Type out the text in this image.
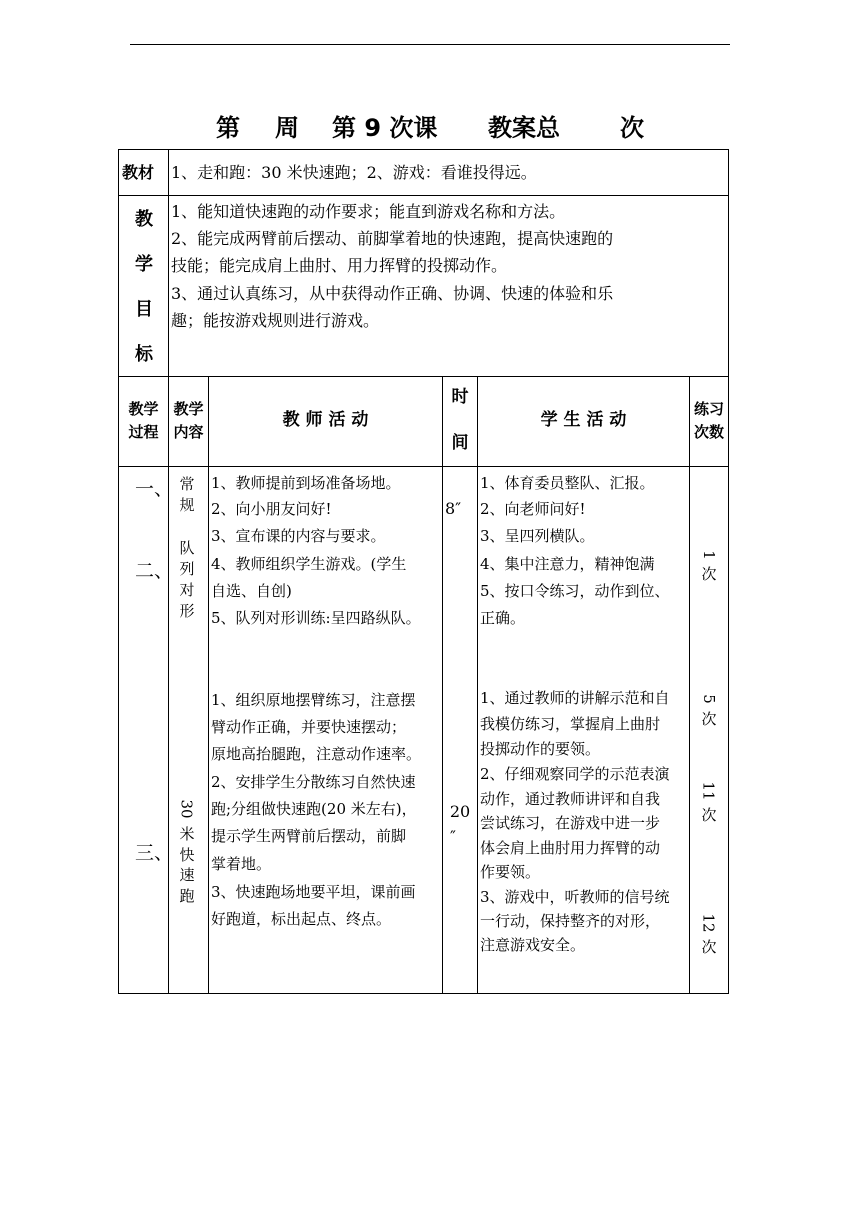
第 周 第 9 次课 教案总	次
教材 1、走和跑：30 米快速跑；2、游戏：看谁投得远。
教
学
目
标
1、能知道快速跑的动作要求；能直到游戏名称和方法。
2、能完成两臂前后摆动、前脚掌着地的快速跑，提高快速跑的
技能；能完成肩上曲肘、用力挥臂的投掷动作。
3、通过认真练习，从中获得动作正确、协调、快速的体验和乐
趣；能按游戏规则进行游戏。
教学
过程
教学
内容
教 师 活 动
时
间
学 生 活 动
练习
次数
一、
二、
常
规
队
列
对
形
1、教师提前到场准备场地。
2、向小朋友问好!
3、宣布课的内容与要求。
4、教师组织学生游戏。(学生
自选、自创)
5、队列对形训练:呈四路纵队。
8″
1、体育委员整队、汇报。
2、向老师问好!
3、呈四列横队。
4、集中注意力，精神饱满
5、按口令练习，动作到位、
正确。
1
次
三、
30
米
快
速
跑
1、组织原地摆臂练习，注意摆
臂动作正确，并要快速摆动；
原地高抬腿跑，注意动作速率。
2、安排学生分散练习自然快速
跑;分组做快速跑(20 米左右)，
提示学生两臂前后摆动，前脚
掌着地。
3、快速跑场地要平坦，课前画
好跑道，标出起点、终点。
20
″
1、通过教师的讲解示范和自
我模仿练习，掌握肩上曲肘
投掷动作的要领。
2、仔细观察同学的示范表演
动作，通过教师讲评和自我
尝试练习，在游戏中进一步
体会肩上曲肘用力挥臂的动
作要领。
3、游戏中，听教师的信号统
一行动，保持整齐的对形，
注意游戏安全。
5
次
11
次
12
次
